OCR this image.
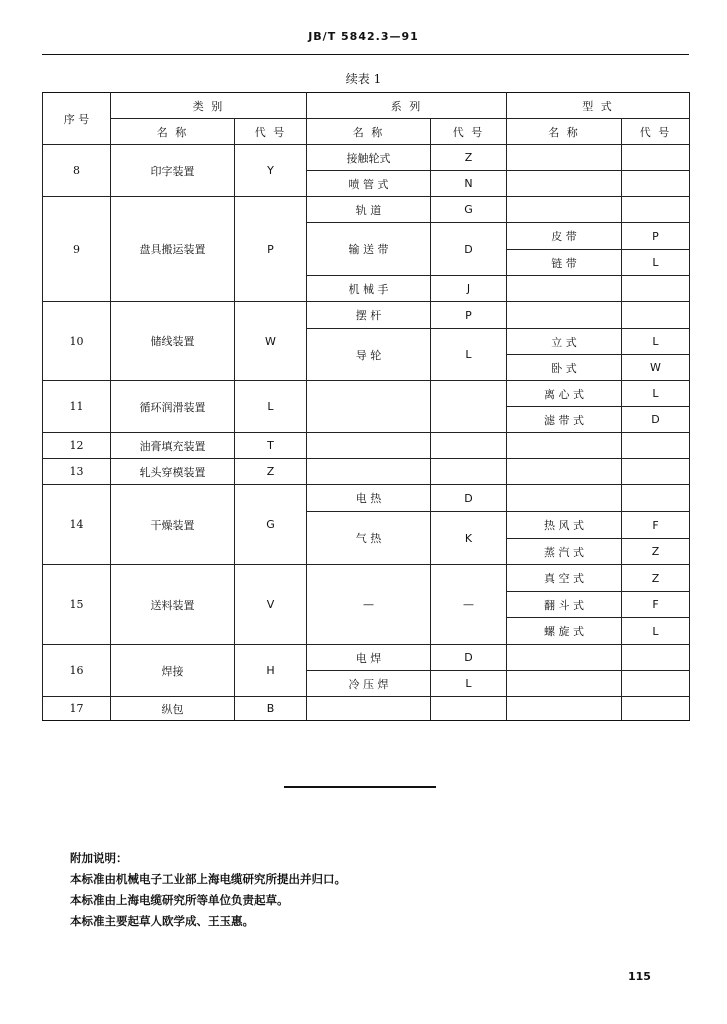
JB/T 5842.3—91
续表 1
序 号	类 别		系 列		型 式	
	名 称	代 号	名 称	代 号	名 称	代 号
8	印字装置	Y	接触轮式	Z		
			喷 管 式	N		
9	盘具搬运装置	P	轨 道	G		
			输 送 带	D	皮 带	P
					链 带	L
			机 械 手	J		
10	储线装置	W	摆 杆	P		
			导 轮	L	立 式	L
					卧 式	W
11	循环润滑装置	L			离 心 式	L
					滤 带 式	D
12	油膏填充装置	T				
13	轧头穿模装置	Z				
14	干燥装置	G	电 热	D		
			气 热	K	热 风 式	F
					蒸 汽 式	Z
15	送料装置	V	—	—	真 空 式	Z
					翻 斗 式	F
					螺 旋 式	L
16	焊接	H	电 焊	D		
			冷 压 焊	L		
17	纵包	B				
附加说明：
本标准由机械电子工业部上海电缆研究所提出并归口。
本标准由上海电缆研究所等单位负责起草。
本标准主要起草人欧学成、王玉惠。
115
